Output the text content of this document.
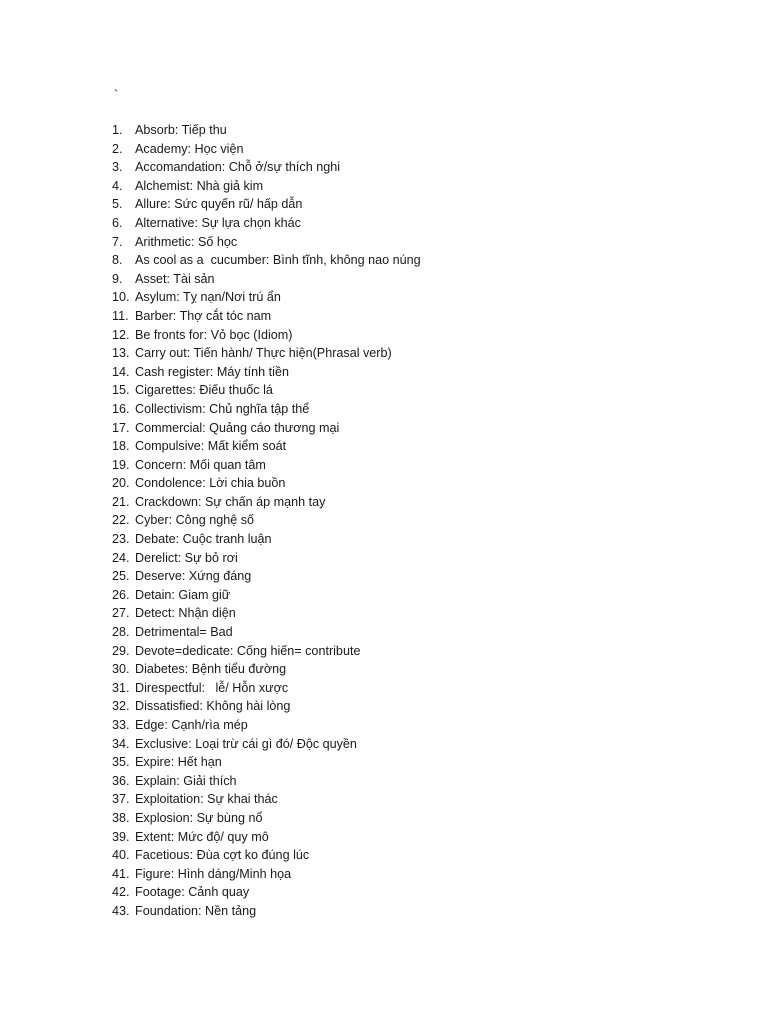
`
1. Absorb: Tiếp thu
2. Academy: Học viện
3. Accomandation: Chỗ ở/sự thích nghi
4. Alchemist: Nhà giả kim
5. Allure: Sức quyến rũ/ hấp dẫn
6. Alternative: Sự lựa chọn khác
7. Arithmetic: Số học
8. As cool as a  cucumber: Bình tĩnh, không nao núng
9. Asset: Tài sản
10. Asylum: Tỵ nạn/Nơi trú ẩn
11. Barber: Thợ cắt tóc nam
12. Be fronts for: Vỏ bọc (Idiom)
13. Carry out: Tiến hành/ Thực hiện(Phrasal verb)
14. Cash register: Máy tính tiền
15. Cigarettes: Điếu thuốc lá
16. Collectivism: Chủ nghĩa tập thể
17. Commercial: Quảng cáo thương mại
18. Compulsive: Mất kiểm soát
19. Concern: Mối quan tâm
20. Condolence: Lời chia buồn
21. Crackdown: Sự chấn áp mạnh tay
22. Cyber: Công nghệ số
23. Debate: Cuộc tranh luận
24. Derelict: Sự bỏ rơi
25. Deserve: Xứng đáng
26. Detain: Giam giữ
27. Detect: Nhận diện
28. Detrimental= Bad
29. Devote=dedicate: Cống hiến= contribute
30. Diabetes: Bệnh tiểu đường
31. Direspectful:   lễ/ Hỗn xược
32. Dissatisfied: Không hài lòng
33. Edge: Cạnh/rìa mép
34. Exclusive: Loại trừ cái gì đó/ Độc quyền
35. Expire: Hết hạn
36. Explain: Giải thích
37. Exploitation: Sự khai thác
38. Explosion: Sự bùng nổ
39. Extent: Mức độ/ quy mô
40. Facetious: Đùa cợt ko đúng lúc
41. Figure: Hình dáng/Minh họa
42. Footage: Cảnh quay
43. Foundation: Nền tảng
